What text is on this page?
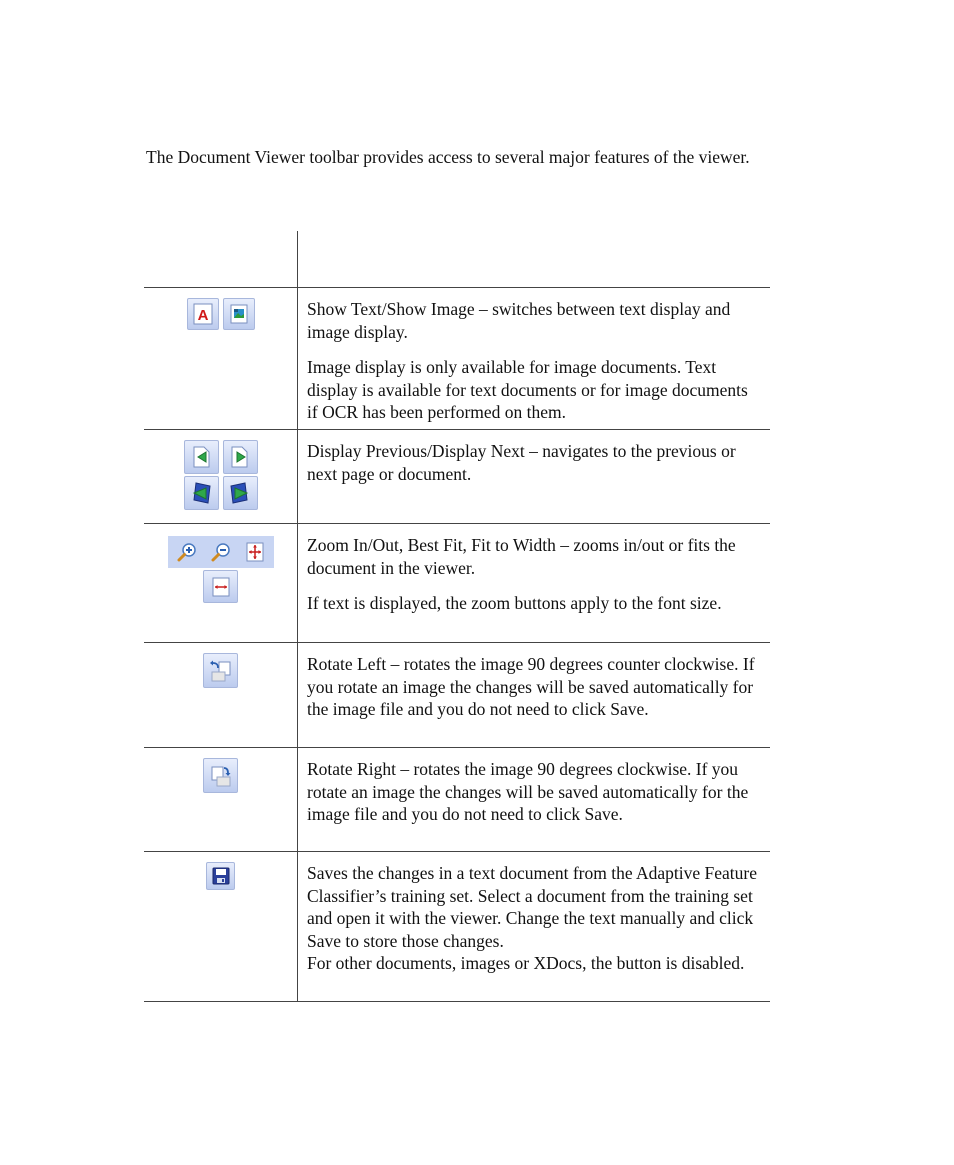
The Document Viewer toolbar provides access to several major features of the viewer.
A	Show Text/Show Image – switches between text display and image display.

Image display is only available for image documents. Text display is available for text documents or for image documents if OCR has been performed on them.

Display Previous/Display Next – navigates to the previous or next page or document.

Zoom In/Out, Best Fit, Fit to Width – zooms in/out or fits the document in the viewer.

If text is displayed, the zoom buttons apply to the font size.

Rotate Left – rotates the image 90 degrees counter clockwise. If you rotate an image the changes will be saved automatically for the image file and you do not need to click Save.

Rotate Right – rotates the image 90 degrees clockwise. If you rotate an image the changes will be saved automatically for the image file and you do not need to click Save.

Saves the changes in a text document from the Adaptive Feature Classifier’s training set. Select a document from the training set and open it with the viewer. Change the text manually and click Save to store those changes.

For other documents, images or XDocs, the button is disabled.
